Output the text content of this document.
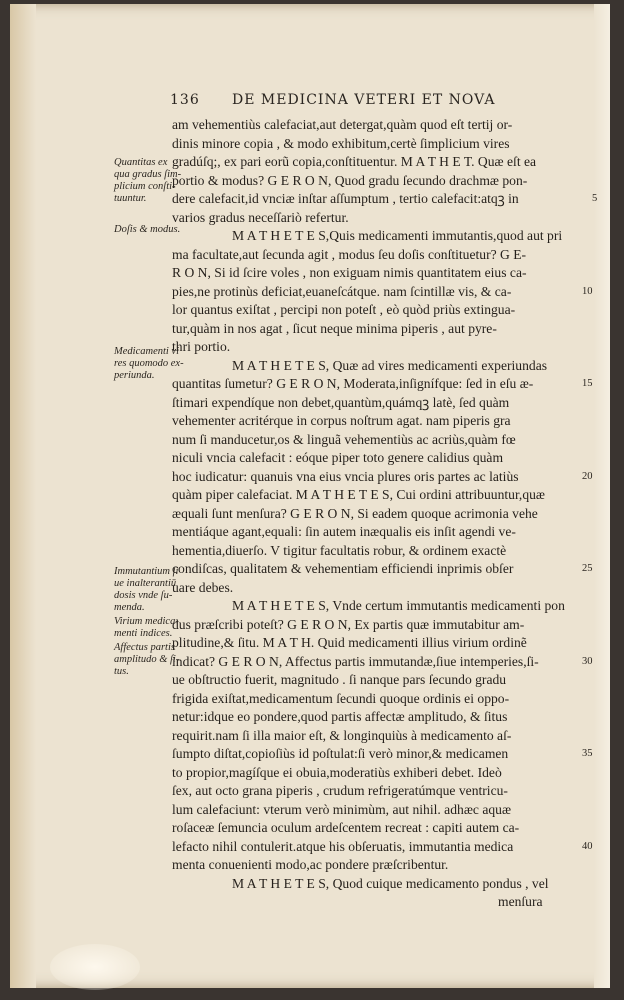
136 DE MEDICINA VETERI ET NOVA
am vehementiùs calefaciat,aut detergat,quàm quod eſt tertij or-
dinis minore copia , & modo exhibitum,certè ſimplicium vires
gradúſq;, ex pari eorũ copia,conſtituentur. M A T H E T. Quæ eſt ea
portio & modus? G E R O N, Quod gradu ſecundo drachmæ pon-
dere calefacit,id vnciæ inſtar aſſumptum , tertio calefacit:atqꝫ in
varios gradus neceſſariò refertur.
M A T H E T E S,Quis medicamenti immutantis,quod aut pri
ma facultate,aut ſecunda agit , modus ſeu doſis conſtituetur? G E-
R O N, Si id ſcire voles , non exiguam nimis quantitatem eius ca-
pies,ne protinùs deficiat,euaneſcátque. nam ſcintillæ vis, & ca-
lor quantus exiſtat , percipi non poteſt , eò quòd priùs extingua-
tur,quàm in nos agat , ſicut neque minima piperis , aut pyre-
thri portio.
M A T H E T E S, Quæ ad vires medicamenti experiundas
quantitas ſumetur? G E R O N, Moderata,inſignífque: ſed in eſu æ-
ſtimari expendíque non debet,quantùm,quámqꝫ latè, ſed quàm
vehementer acritérque in corpus noſtrum agat. nam piperis gra
num ſi manducetur,os & linguã vehementiùs ac acriùs,quàm fœ
niculi vncia calefacit : eóque piper toto genere calidius quàm
hoc iudicatur: quanuis vna eius vncia plures oris partes ac latiùs
quàm piper calefaciat. M A T H E T E S, Cui ordini attribuuntur,quæ
æquali ſunt menſura? G E R O N, Si eadem quoque acrimonia vehe
mentiáque agant,equali: ſin autem inæqualis eis inſit agendi ve-
hementia,diuerſo. V tigitur facultatis robur, & ordinem exactè
condiſcas, qualitatem & vehementiam efficiendi inprimis obſer
uare debes.
M A T H E T E S, Vnde certum immutantis medicamenti pon
dus præſcribi poteſt? G E R O N, Ex partis quæ immutabitur am-
plitudine,& ſitu. M A T H. Quid medicamenti illius virium ordinẽ
indicat? G E R O N, Affectus partis immutandæ,ſiue intemperies,ſi-
ue obſtructio fuerit, magnitudo . ſi nanque pars ſecundo gradu
frigida exiſtat,medicamentum ſecundi quoque ordinis ei oppo-
netur:idque eo pondere,quod partis affectæ amplitudo, & ſitus
requirit.nam ſi illa maior eſt, & longinquiùs à medicamento aſ-
ſumpto diſtat,copioſiùs id poſtulat:ſi verò minor,& medicamen
to propior,magíſque ei obuia,moderatiùs exhiberi debet. Ideò
ſex, aut octo grana piperis , crudum refrigeratúmque ventricu-
lum calefaciunt: vterum verò minimùm, aut nihil. adhæc aquæ
roſaceæ ſemuncia oculum ardeſcentem recreat : capiti autem ca-
lefacto nihil contulerit.atque his obſeruatis, immutantia medica
menta conuenienti modo,ac pondere præſcribentur.
M A T H E T E S, Quod cuique medicamento pondus , vel
menſura
Quantitas ex
qua gradus ſim-
plicium conſti-
tuuntur.
Doſis & modus.
Medicamenti vi
res quomodo ex-
periunda.
Immutantium ſi
ue inalterantiū
dosis vnde ſu-
menda.
Virium medica-
menti indices.
Affectus partis
amplitudo & ſi-
tus.
5
10
15
20
25
30
35
40
